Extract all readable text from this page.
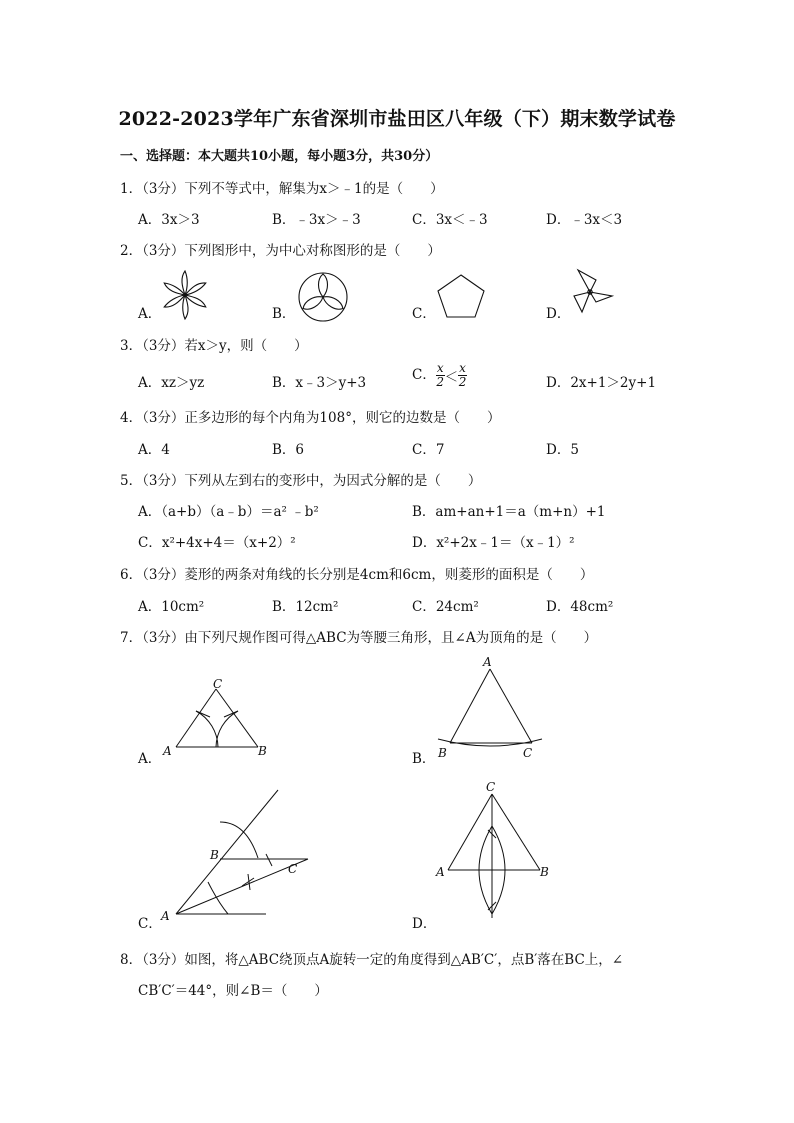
2022-2023学年广东省深圳市盐田区八年级（下）期末数学试卷
一、选择题：本大题共10小题，每小题3分，共30分）
1．（3分）下列不等式中，解集为x＞﹣1的是（　　）
A．3x＞3	B．﹣3x＞﹣3	C．3x＜﹣3	D．﹣3x＜3
2．（3分）下列图形中，为中心对称图形的是（　　）
A．	B．	C．	D．
3．（3分）若x＞y，则（　　）
A．xz＞yz	B．x﹣3＞y+3	C． $\frac{x}{2} < \frac{x}{2}$	D．2x+1＞2y+1
4．（3分）正多边形的每个内角为108°，则它的边数是（　　）
A．4	B．6	C．7	D．5
5．（3分）下列从左到右的变形中，为因式分解的是（　　）
A．（a+b）（a﹣b）＝a² ﹣b²	B．am+an+1＝a（m+n）+1
C．x²+4x+4＝（x+2）²	D．x²+2x﹣1＝（x﹣1）²
6．（3分）菱形的两条对角线的长分别是4cm和6cm，则菱形的面积是（　　）
A．10cm²	B．12cm²	C．24cm²	D．48cm²
7．（3分）由下列尺规作图可得△ABC为等腰三角形，且∠A为顶角的是（　　）
A．	B．
C．	D．
C
A	B
A
B	C
B
C
A
C
A	B
8．（3分）如图，将△ABC绕顶点A旋转一定的角度得到△AB′C′，点B′落在BC上，∠
CB′C′＝44°，则∠B＝（　　）
